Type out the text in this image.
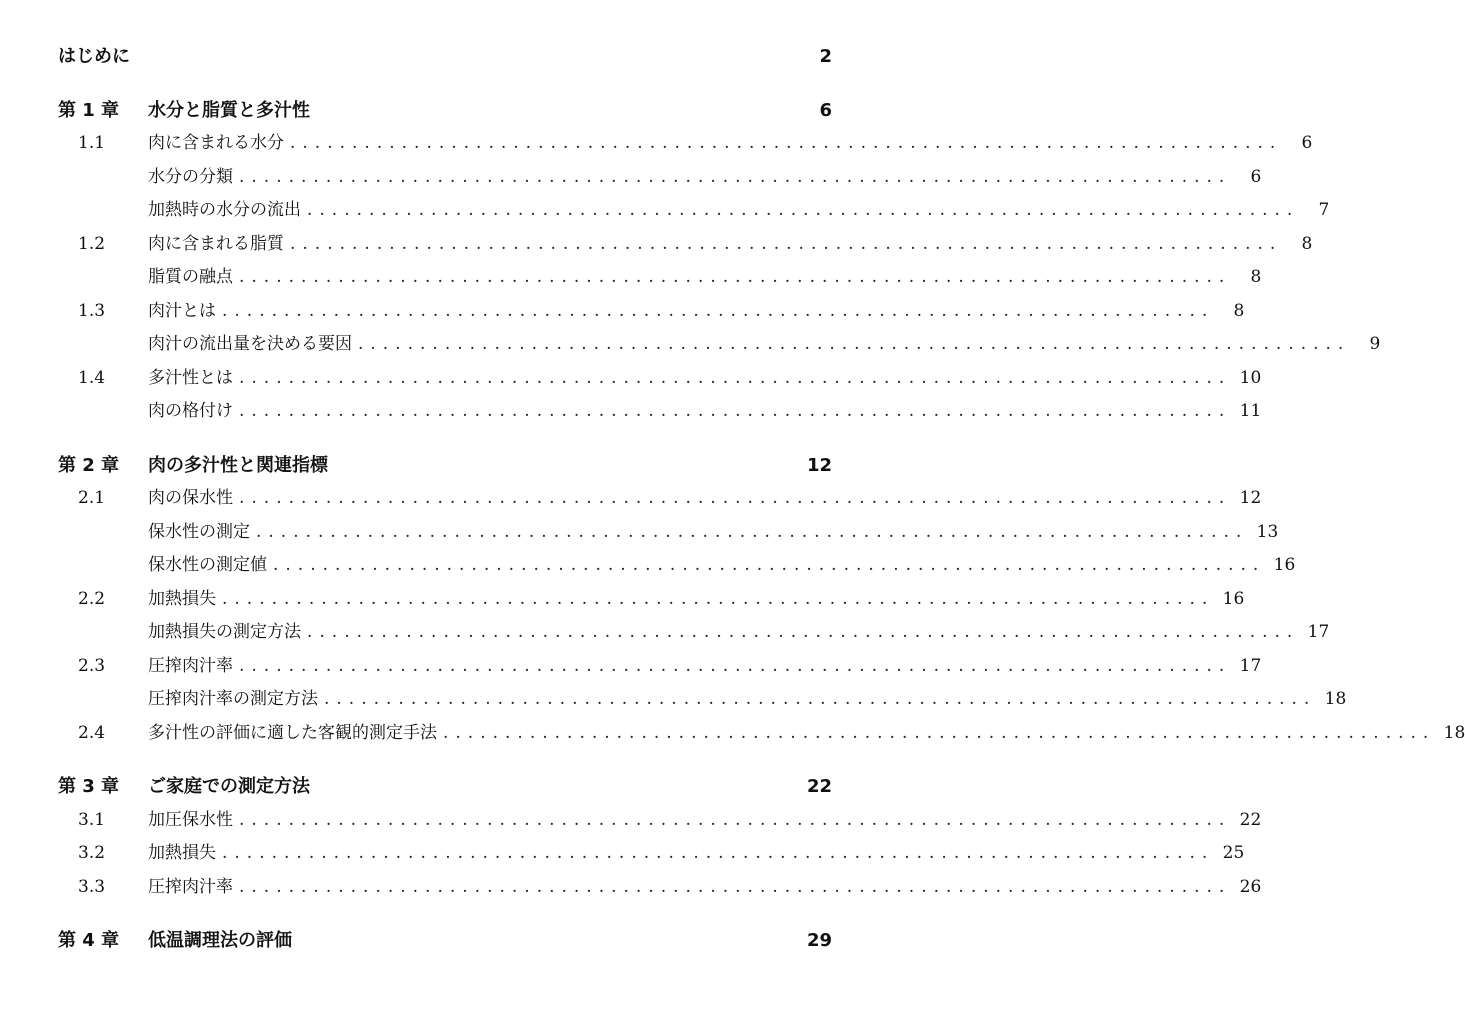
はじめに	2
第 1 章	水分と脂質と多汁性	6
1.1	肉に含まれる水分 ................................................................................	6
水分の分類 ................................................................................	6
加熱時の水分の流出 ................................................................................	7
1.2	肉に含まれる脂質 ................................................................................	8
脂質の融点 ................................................................................	8
1.3	肉汁とは ................................................................................	8
肉汁の流出量を決める要因 ................................................................................	9
1.4	多汁性とは ................................................................................ 10
肉の格付け ................................................................................ 11
第 2 章	肉の多汁性と関連指標	12
2.1	肉の保水性 ................................................................................ 12
保水性の測定 ................................................................................ 13
保水性の測定値 ................................................................................ 16
2.2	加熱損失 ................................................................................ 16
加熱損失の測定方法 ................................................................................ 17
2.3	圧搾肉汁率 ................................................................................ 17
圧搾肉汁率の測定方法 ................................................................................ 18
2.4	多汁性の評価に適した客観的測定手法 ................................................................................ 18
第 3 章	ご家庭での測定方法	22
3.1	加圧保水性 ................................................................................ 22
3.2	加熱損失 ................................................................................ 25
3.3	圧搾肉汁率 ................................................................................ 26
第 4 章	低温調理法の評価	29
